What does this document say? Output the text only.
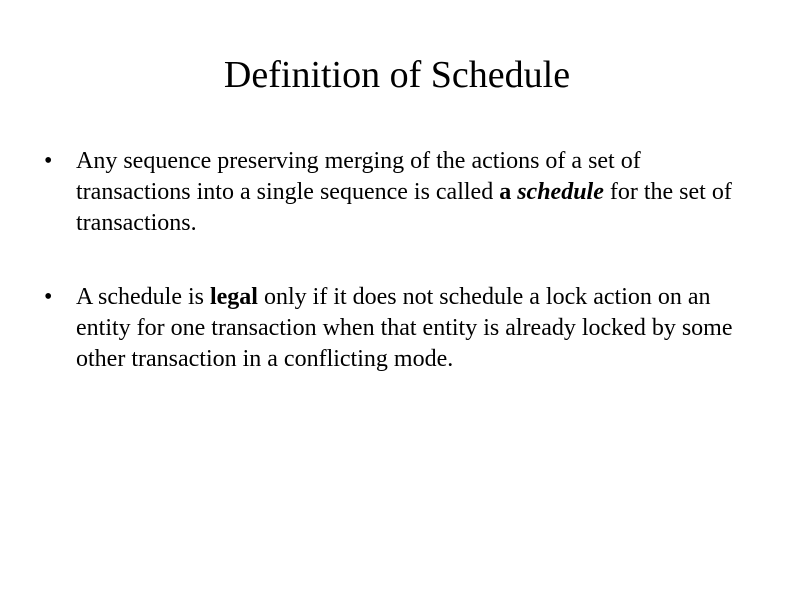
Definition of Schedule
• Any sequence preserving merging of the actions of a set of transactions into a single sequence is called a schedule for the set of transactions.
• A schedule is legal only if it does not schedule a lock action on an entity for one transaction when that entity is already locked by some other transaction in a conflicting mode.
